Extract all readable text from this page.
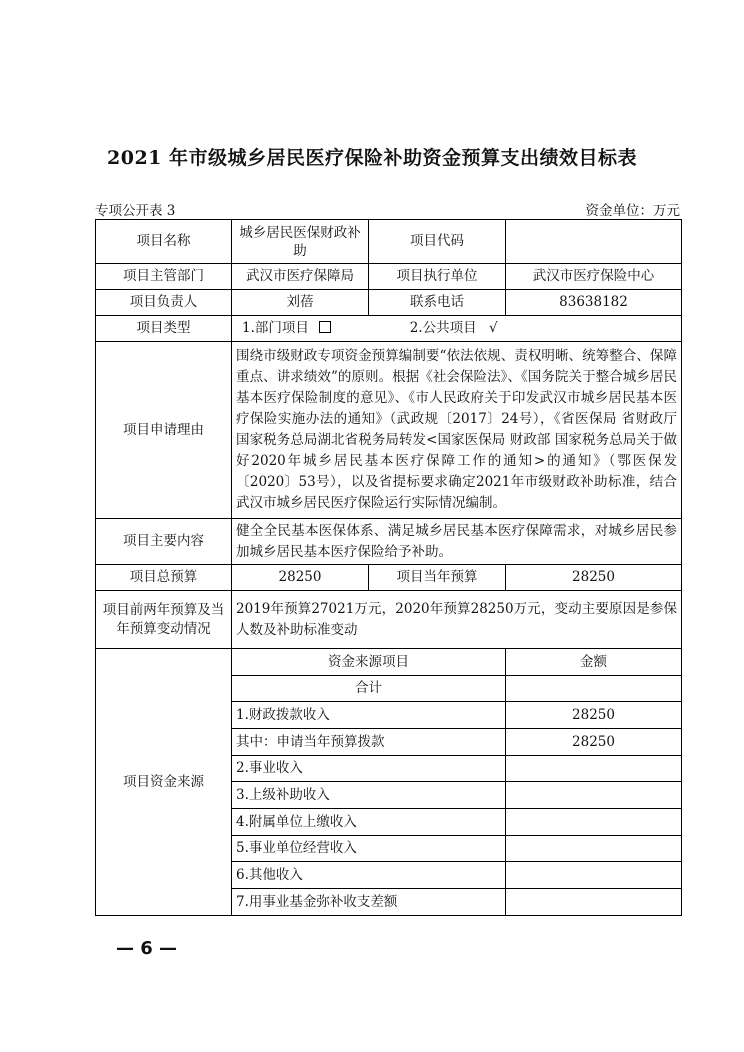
2021 年市级城乡居民医疗保险补助资金预算支出绩效目标表
专项公开表 3	资金单位：万元
项目名称	城乡居民医保财政补助	项目代码	
项目主管部门	武汉市医疗保障局	项目执行单位	武汉市医疗保险中心
项目负责人	刘蓓	联系电话	83638182
项目类型	1.部门项目 2.公共项目 √		
项目申请理由	围绕市级财政专项资金预算编制要“依法依规、责权明晰、统筹整合、保障重点、讲求绩效”的原则。根据《社会保险法》、《国务院关于整合城乡居民基本医疗保险制度的意见》、《市人民政府关于印发武汉市城乡居民基本医疗保险实施办法的通知》（武政规〔2017〕24号），《省医保局 省财政厅 国家税务总局湖北省税务局转发<国家医保局 财政部 国家税务总局关于做好2020年城乡居民基本医疗保障工作的通知>的通知》（鄂医保发〔2020〕53号），以及省提标要求确定2021年市级财政补助标准，结合武汉市城乡居民医疗保险运行实际情况编制。		
项目主要内容	健全全民基本医保体系、满足城乡居民基本医疗保障需求，对城乡居民参加城乡居民基本医疗保险给予补助。		
项目总预算	28250	项目当年预算	28250
项目前两年预算及当年预算变动情况	2019年预算27021万元，2020年预算28250万元，变动主要原因是参保人数及补助标准变动		
项目资金来源	资金来源项目		金额
	合计		
	1.财政拨款收入		28250
	其中：申请当年预算拨款		28250
	2.事业收入		
	3.上级补助收入		
	4.附属单位上缴收入		
	5.事业单位经营收入		
	6.其他收入		
	7.用事业基金弥补收支差额		
— 6 —
